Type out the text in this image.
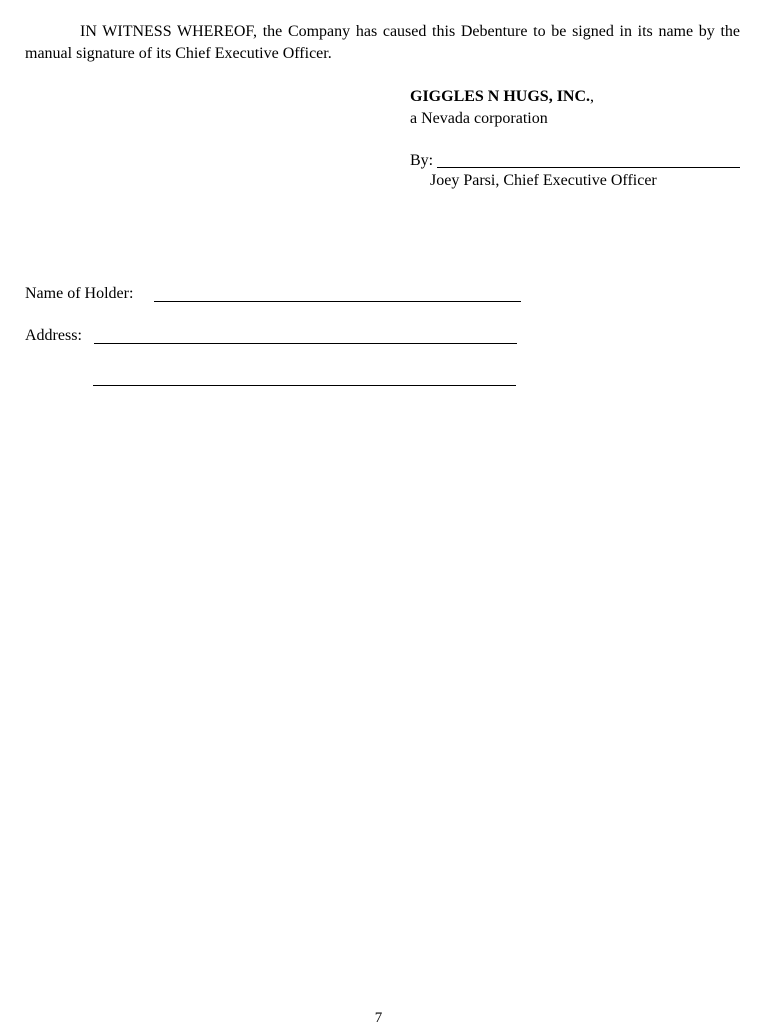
IN WITNESS WHEREOF, the Company has caused this Debenture to be signed in its name by the manual signature of its Chief Executive Officer.

GIGGLES N HUGS, INC.,
a Nevada corporation
By:
Joey Parsi, Chief Executive Officer
Name of Holder:
Address:
7
